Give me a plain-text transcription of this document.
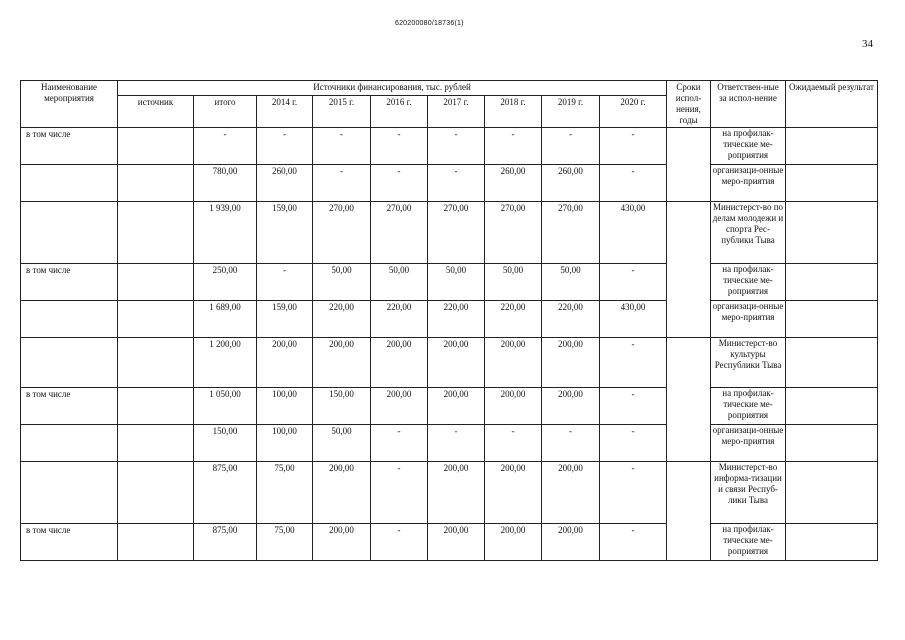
620200080/18736(1)
34
Наименование мероприятия	Источники финансирования, тыс. рублей									Сроки испол-нения, годы	Ответствен-ные за испол-нение	Ожидаемый результат
	источник	итого	2014 г.	2015 г.	2016 г.	2017 г.	2018 г.	2019 г.	2020 г.			
в том числе		-	-	-	-	-	-	-	-		на профилак-тические ме-роприятия	
		780,00	260,00	-	-	-	260,00	260,00	-		организаци-онные меро-приятия	
		1 939,00	159,00	270,00	270,00	270,00	270,00	270,00	430,00		Министерст-во по делам молодежи и спорта Рес-публики Тыва	
в том числе		250,00	-	50,00	50,00	50,00	50,00	50,00	-		на профилак-тические ме-роприятия	
		1 689,00	159,00	220,00	220,00	220,00	220,00	220,00	430,00		организаци-онные меро-приятия	
		1 200,00	200,00	200,00	200,00	200,00	200,00	200,00	-		Министерст-во культуры Республики Тыва	
в том числе		1 050,00	100,00	150,00	200,00	200,00	200,00	200,00	-		на профилак-тические ме-роприятия	
		150,00	100,00	50,00	-	-	-	-	-		организаци-онные меро-приятия	
		875,00	75,00	200,00	-	200,00	200,00	200,00	-		Министерст-во информа-тизации и связи Респуб-лики Тыва	
в том числе		875,00	75,00	200,00	-	200,00	200,00	200,00	-		на профилак-тические ме-роприятия	
